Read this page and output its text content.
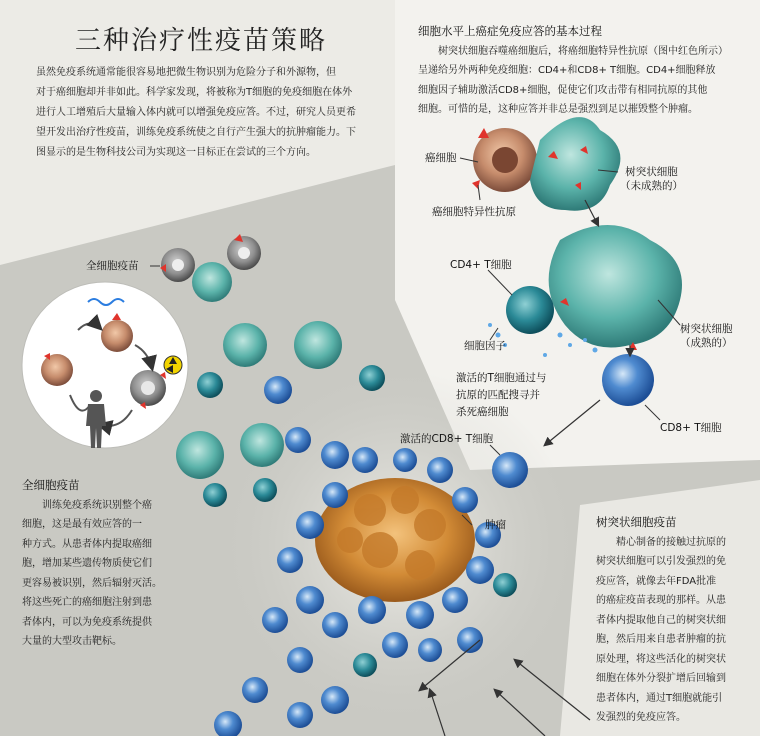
三种治疗性疫苗策略
虽然免疫系统通常能很容易地把微生物识别为危险分子和外源物，但
对于癌细胞却并非如此。科学家发现，将被称为T细胞的免疫细胞在体外
进行人工增殖后大量输入体内就可以增强免疫应答。不过，研究人员更希
望开发出治疗性疫苗，训练免疫系统使之自行产生强大的抗肿瘤能力。下
图显示的是生物科技公司为实现这一目标正在尝试的三个方向。
细胞水平上癌症免疫应答的基本过程
树突状细胞吞噬癌细胞后，将癌细胞特异性抗原（图中红色所示）
呈递给另外两种免疫细胞：CD4+和CD8+ T细胞。CD4+细胞释放
细胞因子辅助激活CD8+细胞，促使它们攻击带有相同抗原的其他
细胞。可惜的是，这种应答并非总是强烈到足以摧毁整个肿瘤。
癌细胞
树突状细胞
（未成熟的）
癌细胞特异性抗原
CD4+ T细胞
树突状细胞
（成熟的）
细胞因子
激活的T细胞通过与
抗原的匹配搜寻并
杀死癌细胞
CD8+ T细胞
激活的CD8+ T细胞
肿瘤
全细胞疫苗
全细胞疫苗
训练免疫系统识别整个癌
细胞，这是最有效应答的一
种方式。从患者体内提取癌细
胞，增加某些遗传物质使它们
更容易被识别，然后辐射灭活。
将这些死亡的癌细胞注射到患
者体内，可以为免疫系统提供
大量的大型攻击靶标。
树突状细胞疫苗
精心制备的接触过抗原的
树突状细胞可以引发强烈的免
疫应答，就像去年FDA批准
的癌症疫苗表现的那样。从患
者体内提取他自己的树突状细
胞，然后用来自患者肿瘤的抗
原处理，将这些活化的树突状
细胞在体外分裂扩增后回输到
患者体内，通过T细胞就能引
发强烈的免疫应答。
